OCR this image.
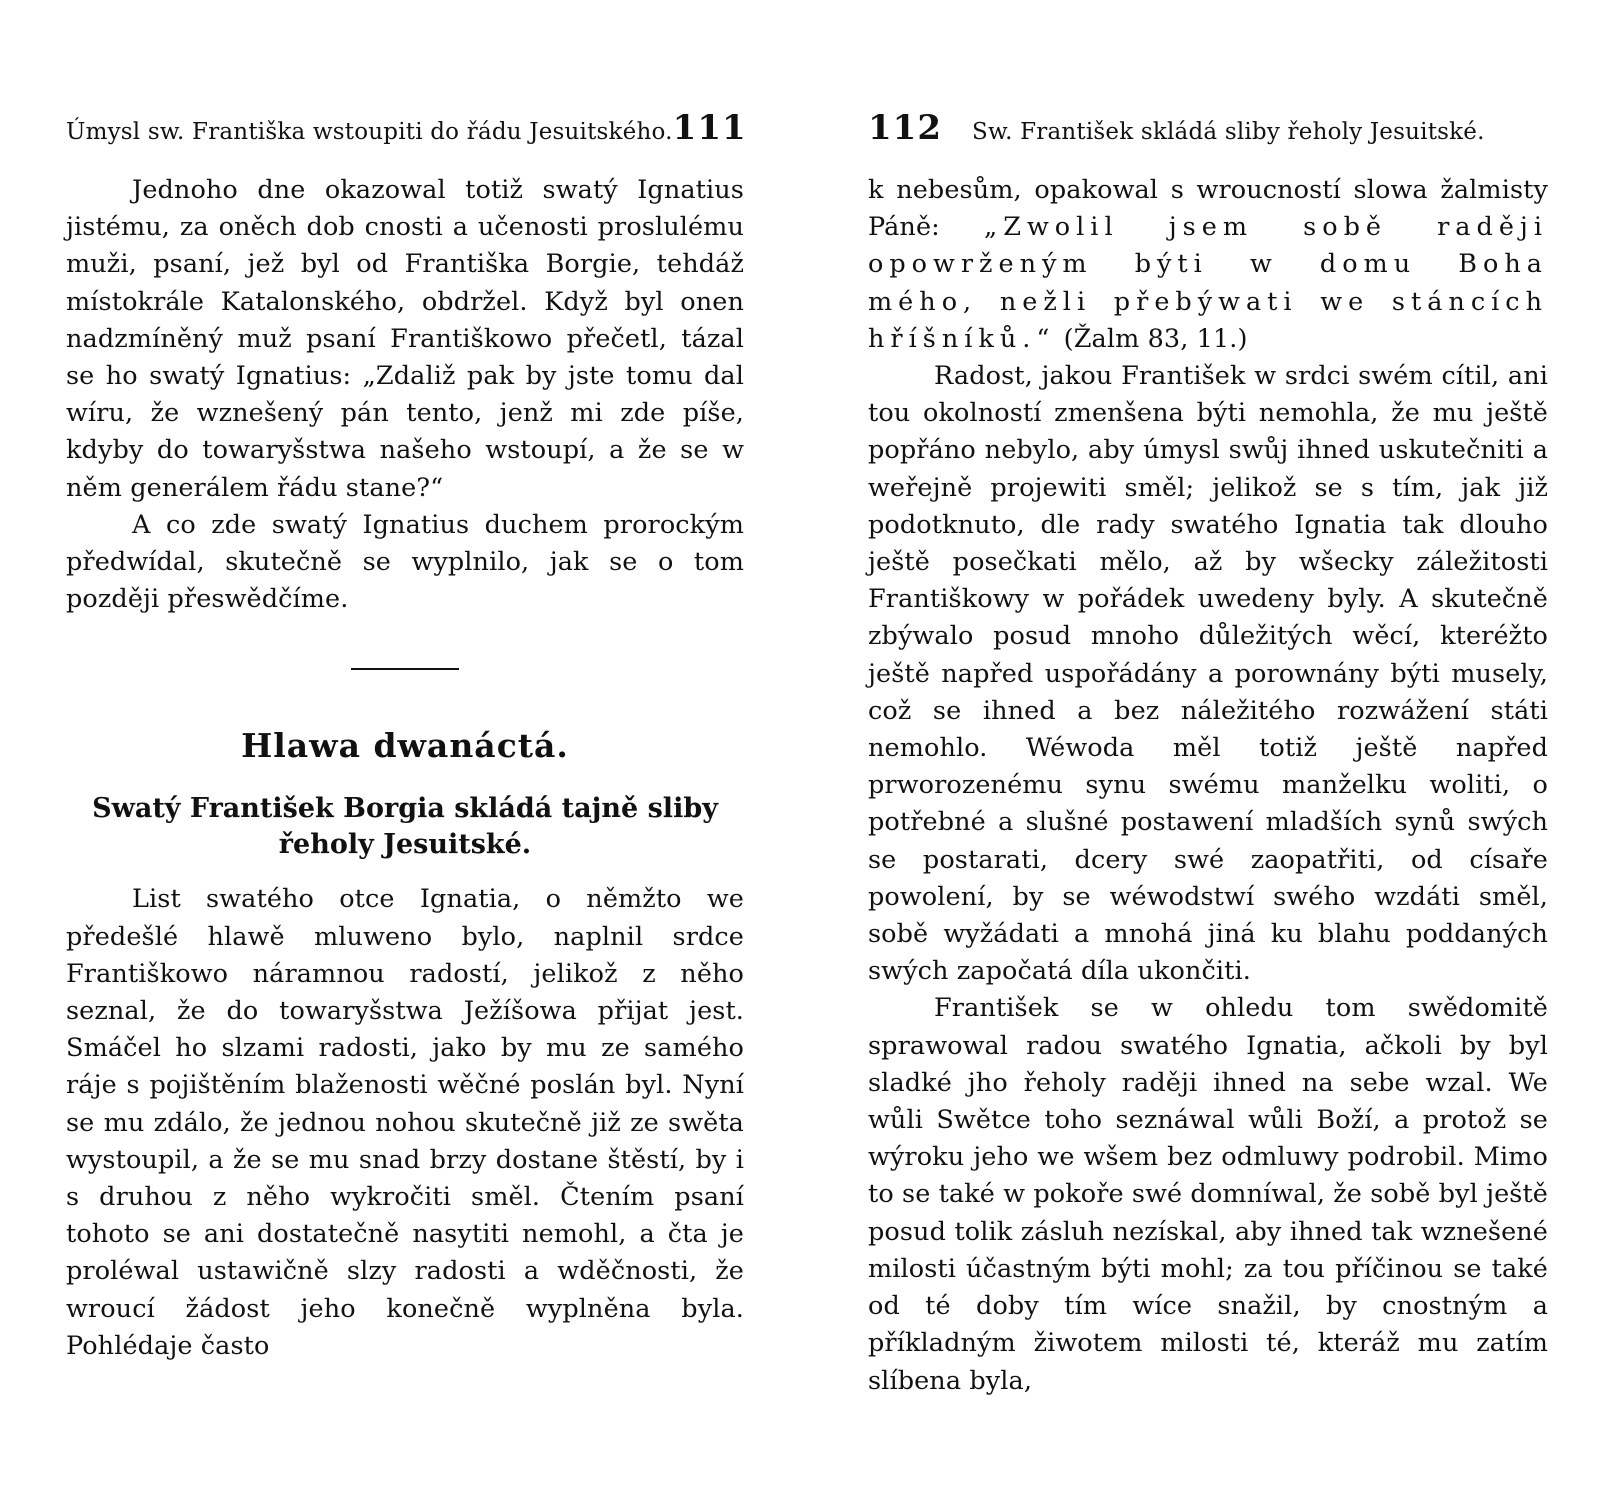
Úmysl sw. Františka wstoupiti do řádu Jesuitského. 111

Jednoho dne okazowal totiž swatý Ignatius jistému, za oněch dob cnosti a učenosti proslulému muži, psaní, jež byl od Františka Borgie, tehdáž místokrále Katalonského, obdržel. Když byl onen nadzmíněný muž psaní Františkowo přečetl, tázal se ho swatý Ignatius: „Zdaliž pak by jste tomu dal wíru, že wznešený pán tento, jenž mi zde píše, kdyby do towaryšstwa našeho wstoupí, a že se w něm generálem řádu stane?“

A co zde swatý Ignatius duchem prorockým předwídal, skutečně se wyplnilo, jak se o tom později přeswědčíme.

Hlawa dwanáctá.
Swatý František Borgia skládá tajně sliby řeholy Jesuitské.

List swatého otce Ignatia, o němžto we předešlé hlawě mluweno bylo, naplnil srdce Františkowo náramnou radostí, jelikož z něho seznal, že do towaryšstwa Ježíšowa přijat jest. Smáčel ho slzami radosti, jako by mu ze samého ráje s pojištěním blaženosti wěčné poslán byl. Nyní se mu zdálo, že jednou nohou skutečně již ze swěta wystoupil, a že se mu snad brzy dostane štěstí, by i s druhou z něho wykročiti směl. Čtením psaní tohoto se ani dostatečně nasytiti nemohl, a čta je proléwal ustawičně slzy radosti a wděčnosti, že wroucí žádost jeho konečně wyplněna byla. Pohlédaje často

112 Sw. František skládá sliby řeholy Jesuitské.

k nebesům, opakowal s wroucností slowa žalmisty Páně: „Zwolil jsem sobě raději opowrženým býti w domu Boha mého, nežli přebýwati we stáncích hříšníků.“ (Žalm 83, 11.)

Radost, jakou František w srdci swém cítil, ani tou okolností zmenšena býti nemohla, že mu ještě popřáno nebylo, aby úmysl swůj ihned uskutečniti a weřejně projewiti směl; jelikož se s tím, jak již podotknuto, dle rady swatého Ignatia tak dlouho ještě posečkati mělo, až by wšecky záležitosti Františkowy w pořádek uwedeny byly. A skutečně zbýwalo posud mnoho důležitých wěcí, kteréžto ještě napřed uspořádány a porownány býti musely, což se ihned a bez náležitého rozwážení státi nemohlo. Wéwoda měl totiž ještě napřed prworozenému synu swému manželku woliti, o potřebné a slušné postawení mladších synů swých se postarati, dcery swé zaopatřiti, od císaře powolení, by se wéwodstwí swého wzdáti směl, sobě wyžádati a mnohá jiná ku blahu poddaných swých započatá díla ukončiti.

František se w ohledu tom swědomitě sprawowal radou swatého Ignatia, ačkoli by byl sladké jho řeholy raději ihned na sebe wzal. We wůli Swětce toho seznáwal wůli Boží, a protož se wýroku jeho we wšem bez odmluwy podrobil. Mimo to se také w pokoře swé domníwal, že sobě byl ještě posud tolik zásluh nezískal, aby ihned tak wznešené milosti účastným býti mohl; za tou příčinou se také od té doby tím wíce snažil, by cnostným a příkladným žiwotem milosti té, kteráž mu zatím slíbena byla,
